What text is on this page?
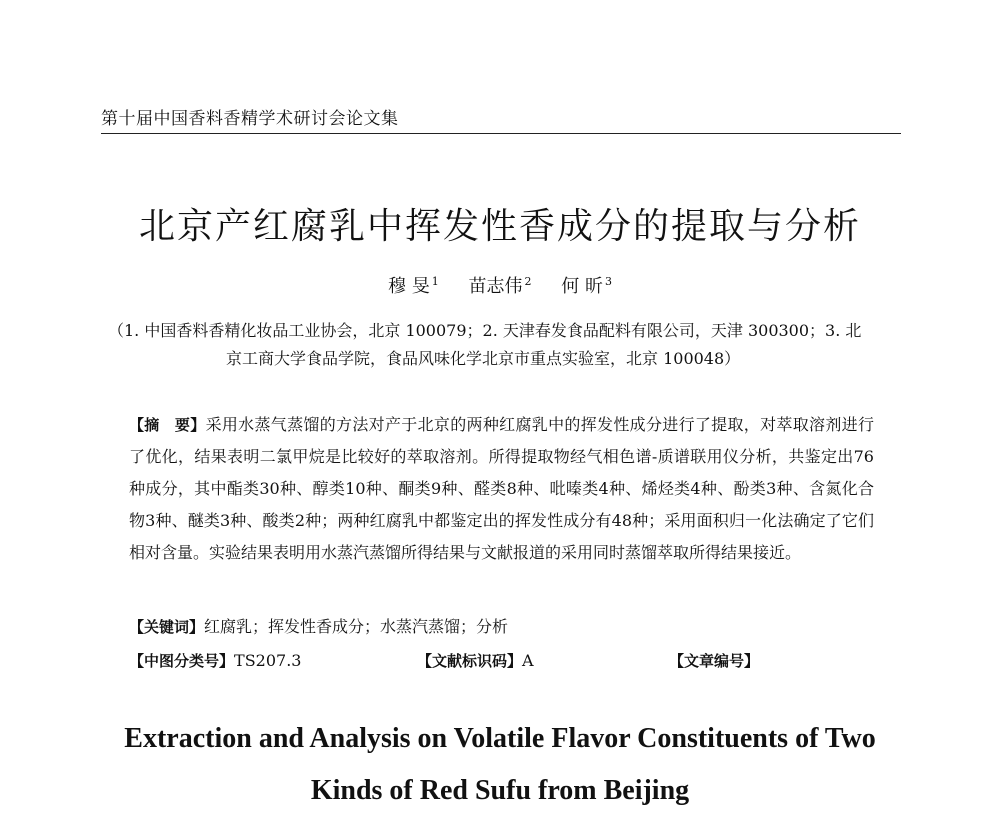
第十届中国香料香精学术研讨会论文集
北京产红腐乳中挥发性香成分的提取与分析
穆 旻 $^1$ 苗志伟 $^2$ 何 昕 $^3$
（1. 中国香料香精化妆品工业协会，北京 100079；2. 天津春发食品配料有限公司，天津 300300；3. 北
京工商大学食品学院，食品风味化学北京市重点实验室，北京 100048）
【摘　要】采用水蒸气蒸馏的方法对产于北京的两种红腐乳中的挥发性成分进行了提取，对萃取溶剂进行了优化，结果表明二氯甲烷是比较好的萃取溶剂。所得提取物经气相色谱-质谱联用仪分析，共鉴定出76种成分，其中酯类30种、醇类10种、酮类9种、醛类8种、吡嗪类4种、烯烃类4种、酚类3种、含氮化合物3种、醚类3种、酸类2种；两种红腐乳中都鉴定出的挥发性成分有48种；采用面积归一化法确定了它们相对含量。实验结果表明用水蒸汽蒸馏所得结果与文献报道的采用同时蒸馏萃取所得结果接近。
【关键词】红腐乳；挥发性香成分；水蒸汽蒸馏；分析
【中图分类号】TS207.3	【文献标识码】A	【文章编号】
Extraction and Analysis on Volatile Flavor Constituents of Two
Kinds of Red Sufu from Beijing
